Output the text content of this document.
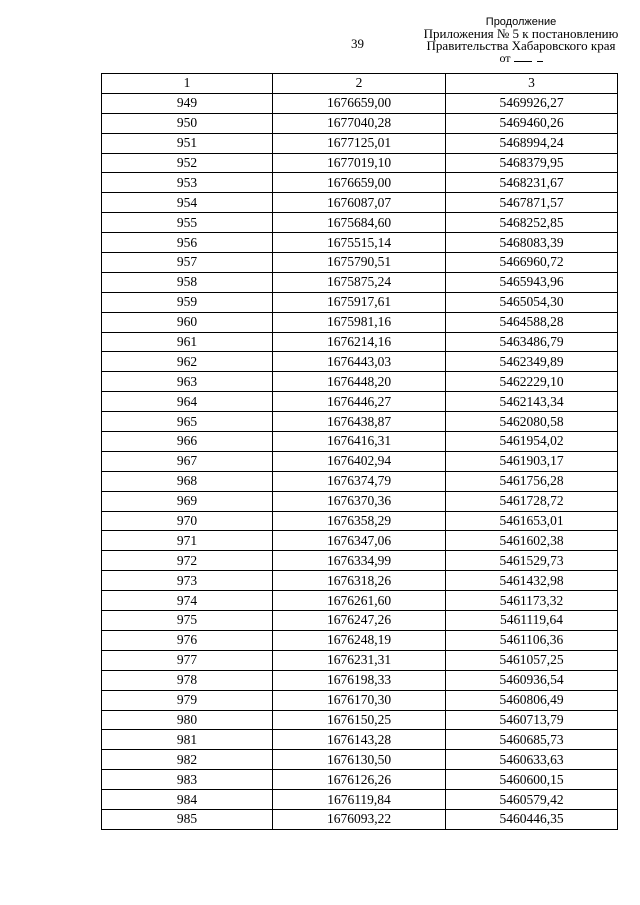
39
Продолжение
Приложения № 5 к постановлению
Правительства Хабаровского края
от
1	2	3
949	1676659,00	5469926,27
950	1677040,28	5469460,26
951	1677125,01	5468994,24
952	1677019,10	5468379,95
953	1676659,00	5468231,67
954	1676087,07	5467871,57
955	1675684,60	5468252,85
956	1675515,14	5468083,39
957	1675790,51	5466960,72
958	1675875,24	5465943,96
959	1675917,61	5465054,30
960	1675981,16	5464588,28
961	1676214,16	5463486,79
962	1676443,03	5462349,89
963	1676448,20	5462229,10
964	1676446,27	5462143,34
965	1676438,87	5462080,58
966	1676416,31	5461954,02
967	1676402,94	5461903,17
968	1676374,79	5461756,28
969	1676370,36	5461728,72
970	1676358,29	5461653,01
971	1676347,06	5461602,38
972	1676334,99	5461529,73
973	1676318,26	5461432,98
974	1676261,60	5461173,32
975	1676247,26	5461119,64
976	1676248,19	5461106,36
977	1676231,31	5461057,25
978	1676198,33	5460936,54
979	1676170,30	5460806,49
980	1676150,25	5460713,79
981	1676143,28	5460685,73
982	1676130,50	5460633,63
983	1676126,26	5460600,15
984	1676119,84	5460579,42
985	1676093,22	5460446,35
